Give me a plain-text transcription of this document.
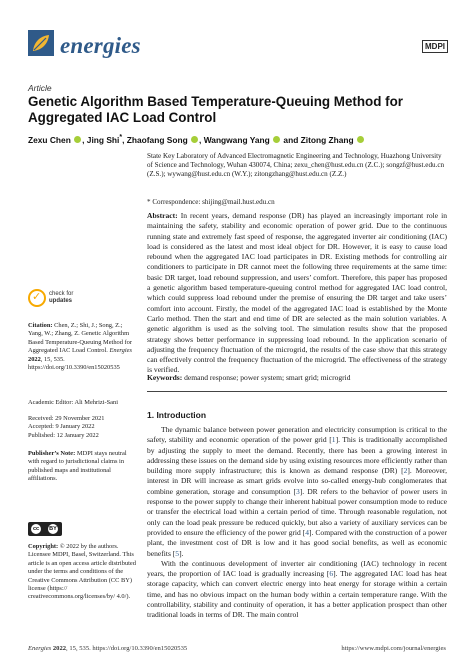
energies	MDPI
Article
Genetic Algorithm Based Temperature-Queuing Method for Aggregated IAC Load Control
Zexu Chen , Jing Shi*, Zhaofang Song , Wangwang Yang  and Zitong Zhang
State Key Laboratory of Advanced Electromagnetic Engineering and Technology, Huazhong University of Science and Technology, Wuhan 430074, China; zexu_chen@hust.edu.cn (Z.C.); songzf@hust.edu.cn (Z.S.); wywang@hust.edu.cn (W.Y.); zitongzhang@hust.edu.cn (Z.Z.)
* Correspondence: shijing@mail.hust.edu.cn
Abstract: In recent years, demand response (DR) has played an increasingly important role in maintaining the safety, stability and economic operation of power grid. Due to the continuous running state and extremely fast speed of response, the aggregated inverter air conditioning (IAC) load is considered as the latest and most ideal object for DR. However, it is easy to cause load rebound when the aggregated IAC load participates in DR. Existing methods for controlling air conditioners to participate in DR cannot meet the following three requirements at the same time: basic DR target, load rebound suppression, and users’ comfort. Therefore, this paper has proposed a genetic algorithm based temperature-queuing control method for aggregated IAC load control, which could suppress load rebound under the premise of ensuring the DR target and take users’ comfort into account. Firstly, the model of the aggregated IAC load is established by the Monte Carlo method. Then the start and end time of DR are selected as the main solution variables. A genetic algorithm is used as the solving tool. The simulation results show that the proposed strategy shows better performance in suppressing load rebound. In the application scenario of adjusting the frequency fluctuation of the microgrid, the results of the case show that this strategy can effectively control the frequency fluctuation of the microgrid. The effectiveness of the strategy is verified.
Keywords: demand response; power system; smart grid; microgrid
1. Introduction
The dynamic balance between power generation and electricity consumption is critical to the safety, stability and economic operation of the power grid [1]. This is traditionally accomplished by adjusting the supply to meet the demand. Recently, there has been a growing interest in addressing these issues on the demand side by using existing resources more efficiently rather than building more supply infrastructure; this is known as demand response (DR) [2]. Moreover, interest in DR will increase as smart grids evolve into so-called energy-hub conglomerates that combine generation, storage and consumption [3]. DR refers to the behavior of power users in response to the power supply to change their inherent habitual power consumption mode to reduce or transfer the electrical load within a certain period of time. Through reasonable regulation, not only can the load peak pressure be reduced quickly, but also a variety of auxiliary services can be provided to ensure the efficiency of the power grid [4]. Compared with the construction of a power plant, the investment cost of DR is low and it has good social benefits, as well as economic benefits [5].
With the continuous development of inverter air conditioning (IAC) technology in recent years, the proportion of IAC load is gradually increasing [6]. The aggregated IAC load has heat storage capacity, which can convert electric energy into heat energy for storage within a certain time, and has no obvious impact on the human body within a certain temperature range. With the controllability, stability and continuity of operation, it has a better application prospect than other traditional loads in terms of DR. The main control
✓ check for
updates
Citation: Chen, Z.; Shi, J.; Song, Z.; Yang, W.; Zhang, Z. Genetic Algorithm Based Temperature-Queuing Method for Aggregated IAC Load Control. Energies 2022, 15, 535. https://doi.org/10.3390/en15020535
Academic Editor: Ali Mehrizi-Sani
Received: 29 November 2021
Accepted: 9 January 2022
Published: 12 January 2022
Publisher’s Note: MDPI stays neutral with regard to jurisdictional claims in published maps and institutional affiliations.
cc	BY
Copyright: © 2022 by the authors. Licensee MDPI, Basel, Switzerland. This article is an open access article distributed under the terms and conditions of the Creative Commons Attribution (CC BY) license (https:// creativecommons.org/licenses/by/ 4.0/).
Energies 2022, 15, 535. https://doi.org/10.3390/en15020535	https://www.mdpi.com/journal/energies
